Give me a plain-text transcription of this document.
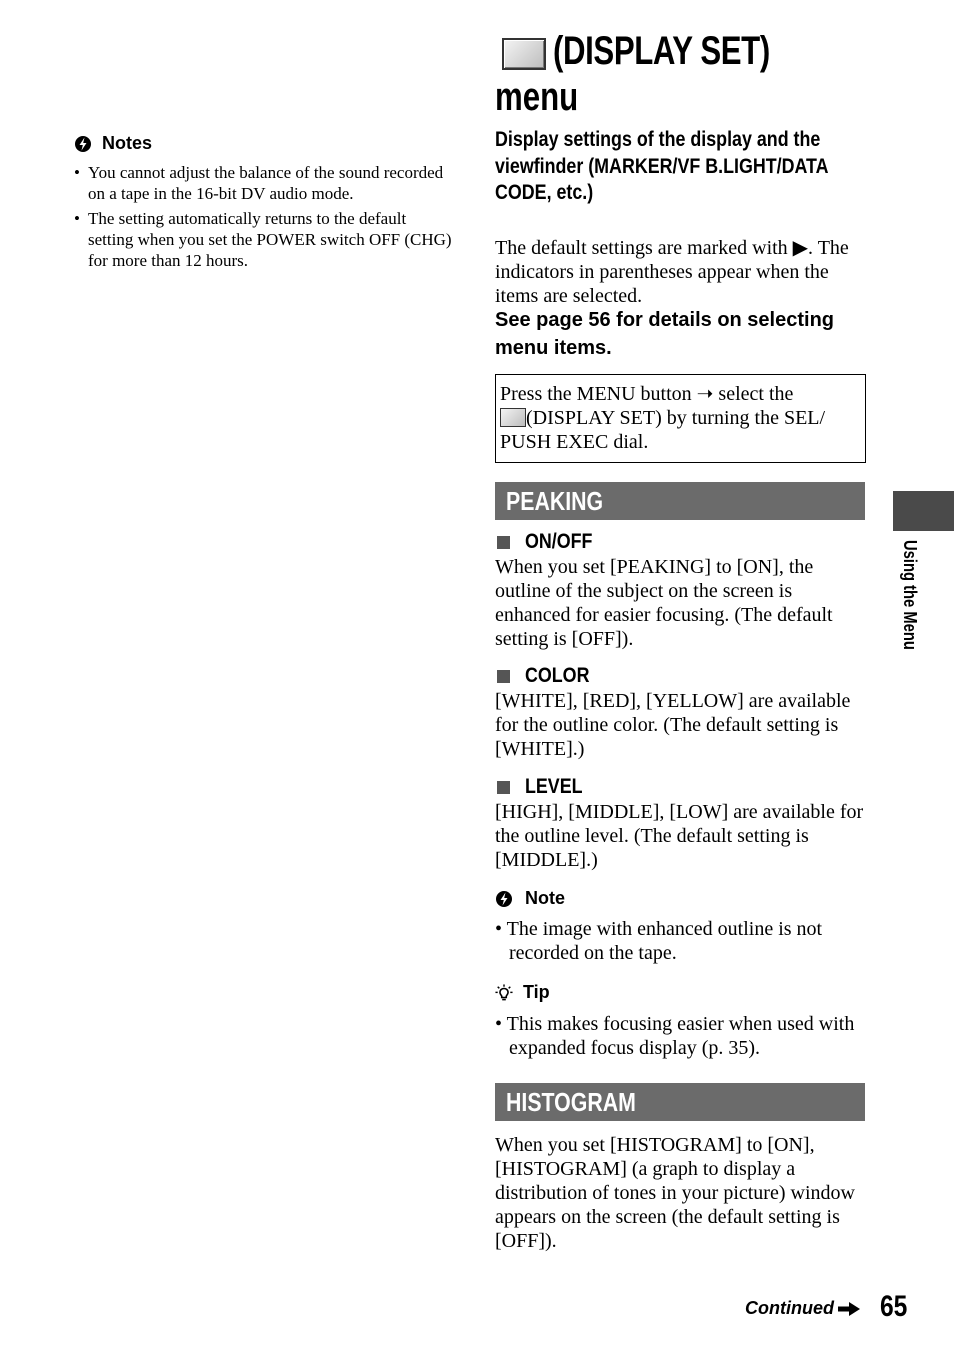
Notes
• You cannot adjust the balance of the sound recorded on a tape in the 16-bit DV audio mode.
• The setting automatically returns to the default setting when you set the POWER switch OFF (CHG) for more than 12 hours.
(DISPLAY SET)
menu
Display settings of the display and the viewfinder (MARKER/VF B.LIGHT/DATA CODE, etc.)
The default settings are marked with ▶. The indicators in parentheses appear when the items are selected.
See page 56 for details on selecting menu items.
Press the MENU button ➝ select the
(DISPLAY SET) by turning the SEL/ PUSH EXEC dial.
PEAKING
ON/OFF
When you set [PEAKING] to [ON], the outline of the subject on the screen is enhanced for easier focusing. (The default setting is [OFF]).
COLOR
[WHITE], [RED], [YELLOW] are available for the outline color. (The default setting is [WHITE].)
LEVEL
[HIGH], [MIDDLE], [LOW] are available for the outline level. (The default setting is [MIDDLE].)
Note
• The image with enhanced outline is not recorded on the tape.
Tip
• This makes focusing easier when used with expanded focus display (p. 35).
HISTOGRAM
When you set [HISTOGRAM] to [ON], [HISTOGRAM] (a graph to display a distribution of tones in your picture) window appears on the screen (the default setting is [OFF]).
Using the Menu
Continued 65
